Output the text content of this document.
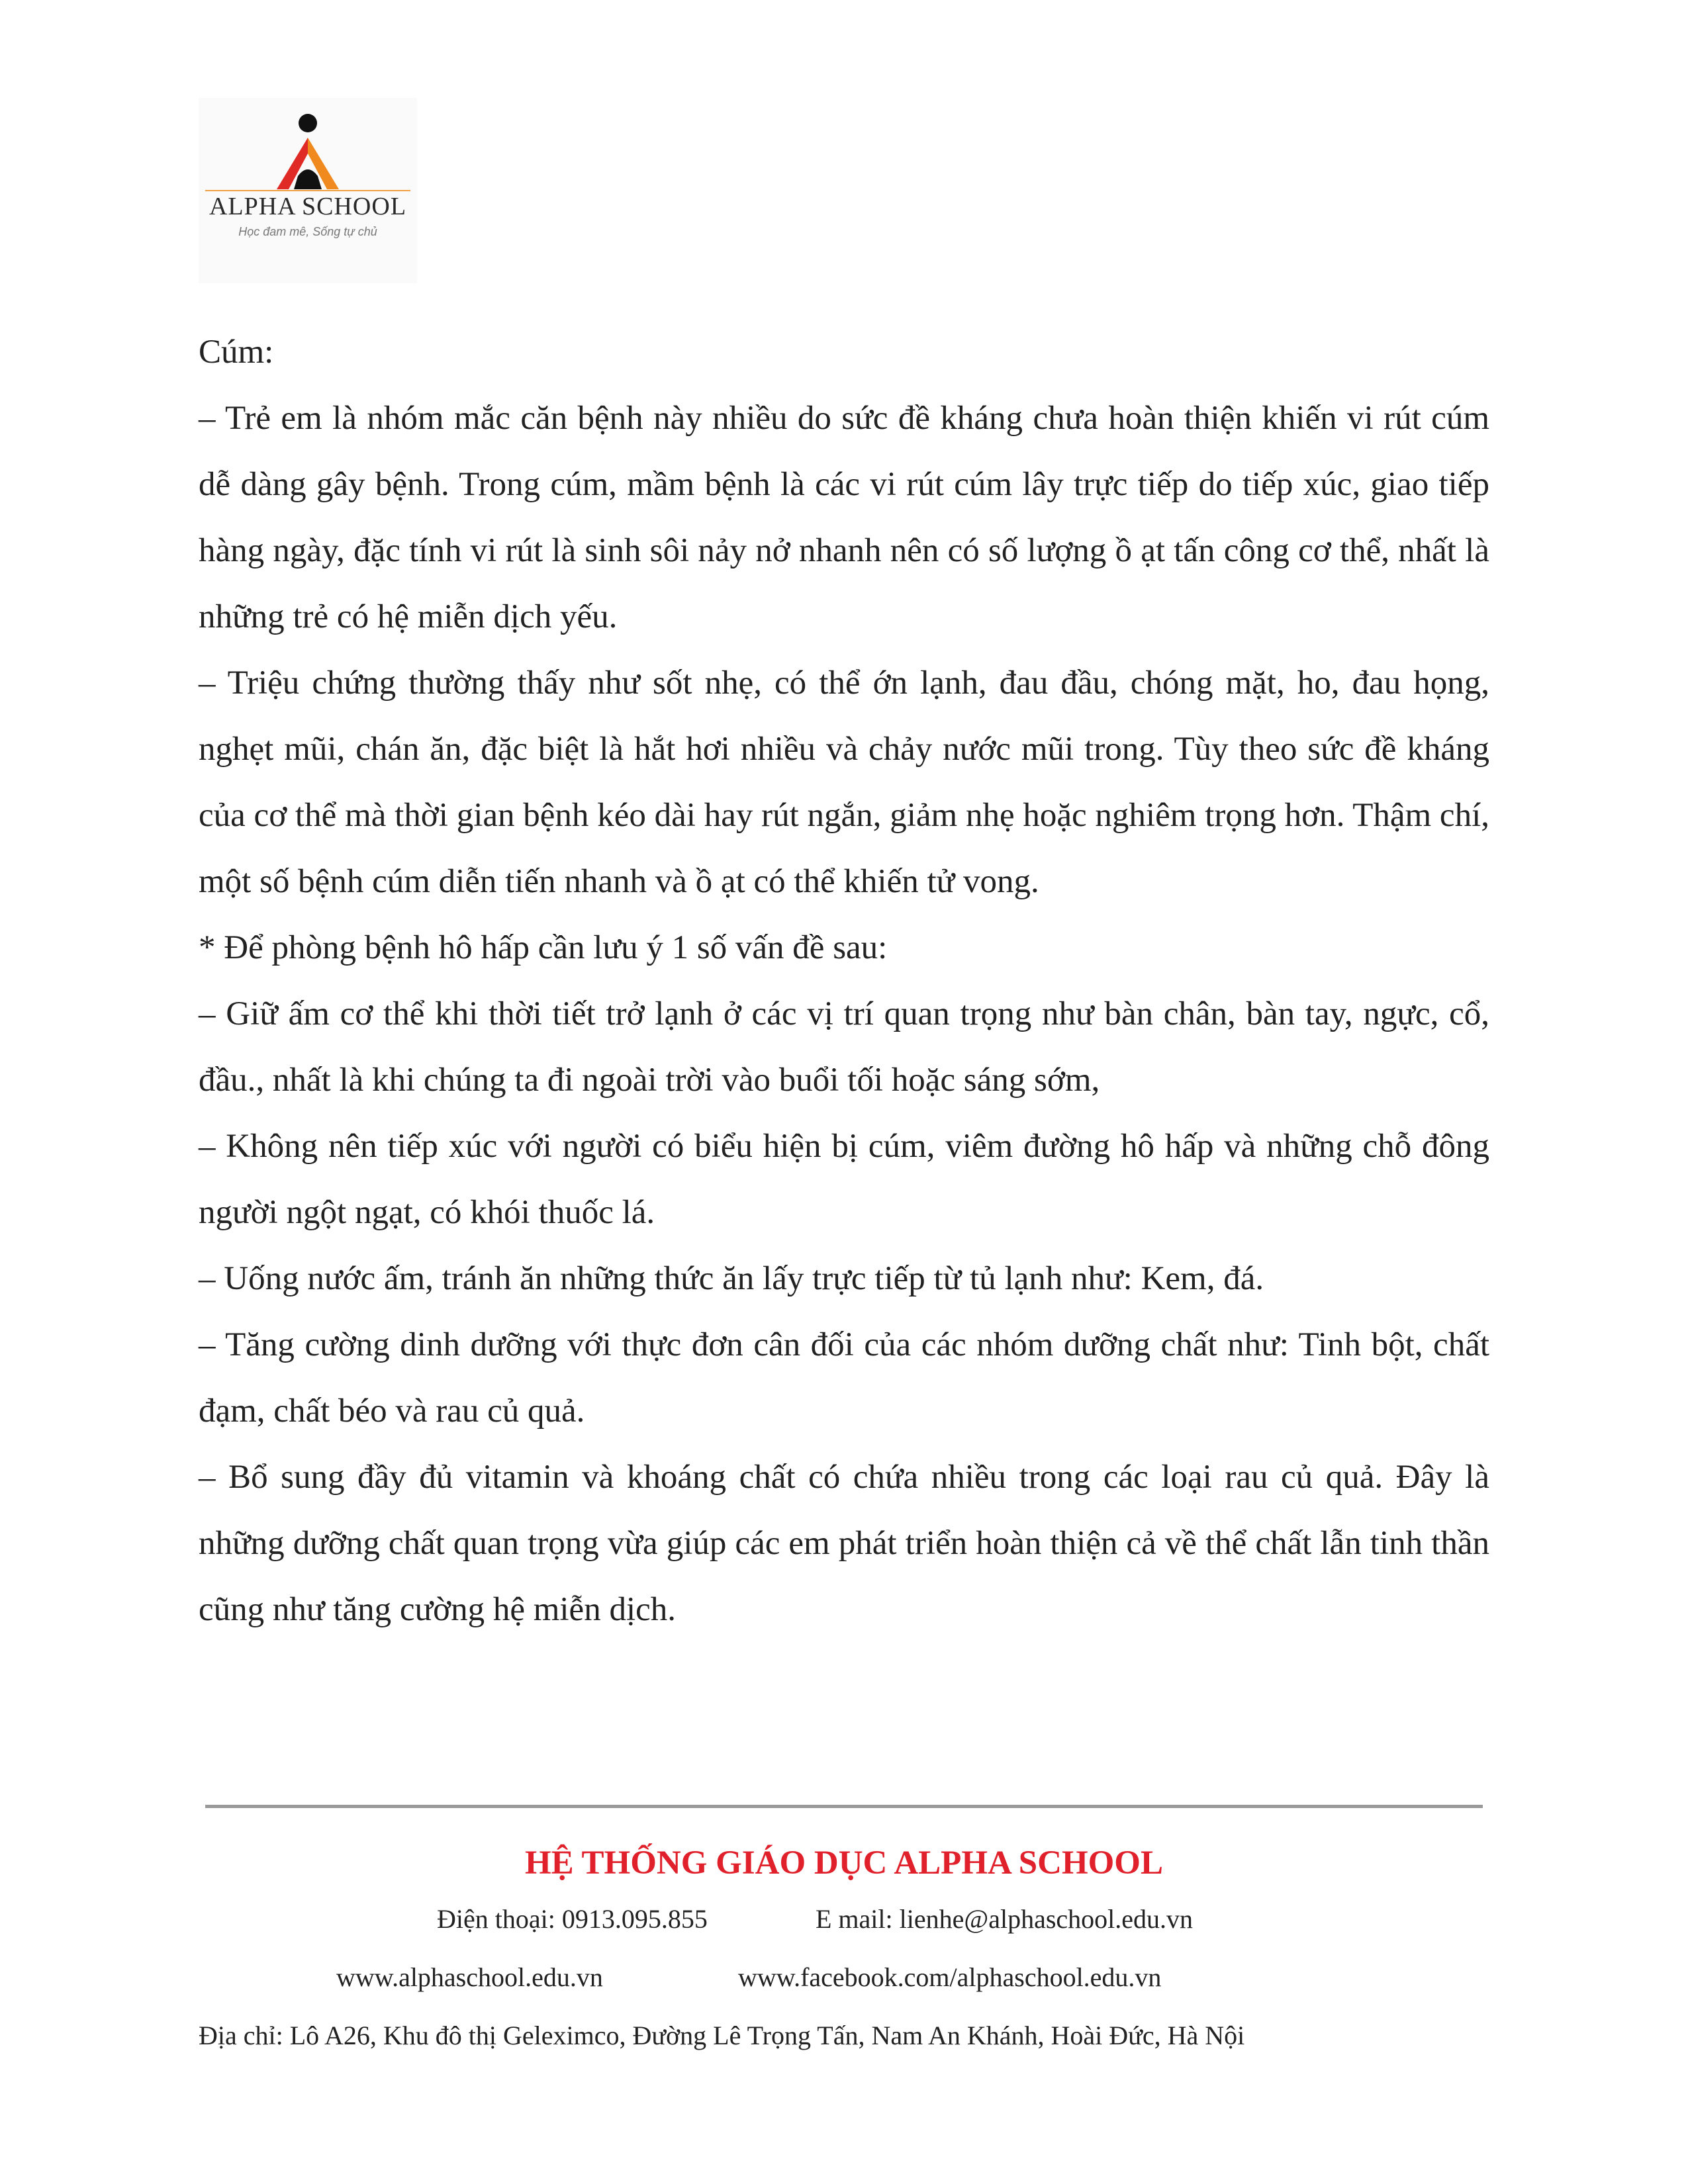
ALPHA SCHOOL
Học đam mê, Sống tự chủ

Cúm:

– Trẻ em là nhóm mắc căn bệnh này nhiều do sức đề kháng chưa hoàn thiện khiến vi rút cúm dễ dàng gây bệnh. Trong cúm, mầm bệnh là các vi rút cúm lây trực tiếp do tiếp xúc, giao tiếp hàng ngày, đặc tính vi rút là sinh sôi nảy nở nhanh nên có số lượng ồ ạt tấn công cơ thể, nhất là những trẻ có hệ miễn dịch yếu.

– Triệu chứng thường thấy như sốt nhẹ, có thể ớn lạnh, đau đầu, chóng mặt, ho, đau họng, nghẹt mũi, chán ăn, đặc biệt là hắt hơi nhiều và chảy nước mũi trong. Tùy theo sức đề kháng của cơ thể mà thời gian bệnh kéo dài hay rút ngắn, giảm nhẹ hoặc nghiêm trọng hơn. Thậm chí, một số bệnh cúm diễn tiến nhanh và ồ ạt có thể khiến tử vong.

* Để phòng bệnh hô hấp cần lưu ý 1 số vấn đề sau:

– Giữ ấm cơ thể khi thời tiết trở lạnh ở các vị trí quan trọng như bàn chân, bàn tay, ngực, cổ, đầu., nhất là khi chúng ta đi ngoài trời vào buổi tối hoặc sáng sớm,

– Không nên tiếp xúc với người có biểu hiện bị cúm, viêm đường hô hấp và những chỗ đông người ngột ngạt, có khói thuốc lá.

– Uống nước ấm, tránh ăn những thức ăn lấy trực tiếp từ tủ lạnh như: Kem, đá.

– Tăng cường dinh dưỡng với thực đơn cân đối của các nhóm dưỡng chất như: Tinh bột, chất đạm, chất béo và rau củ quả.

– Bổ sung đầy đủ vitamin và khoáng chất có chứa nhiều trong các loại rau củ quả. Đây là những dưỡng chất quan trọng vừa giúp các em phát triển hoàn thiện cả về thể chất lẫn tinh thần cũng như tăng cường hệ miễn dịch.

HỆ THỐNG GIÁO DỤC ALPHA SCHOOL
Điện thoại: 0913.095.855	E mail: lienhe@alphaschool.edu.vn
www.alphaschool.edu.vn	www.facebook.com/alphaschool.edu.vn
Địa chỉ: Lô A26, Khu đô thị Geleximco, Đường Lê Trọng Tấn, Nam An Khánh, Hoài Đức, Hà Nội
